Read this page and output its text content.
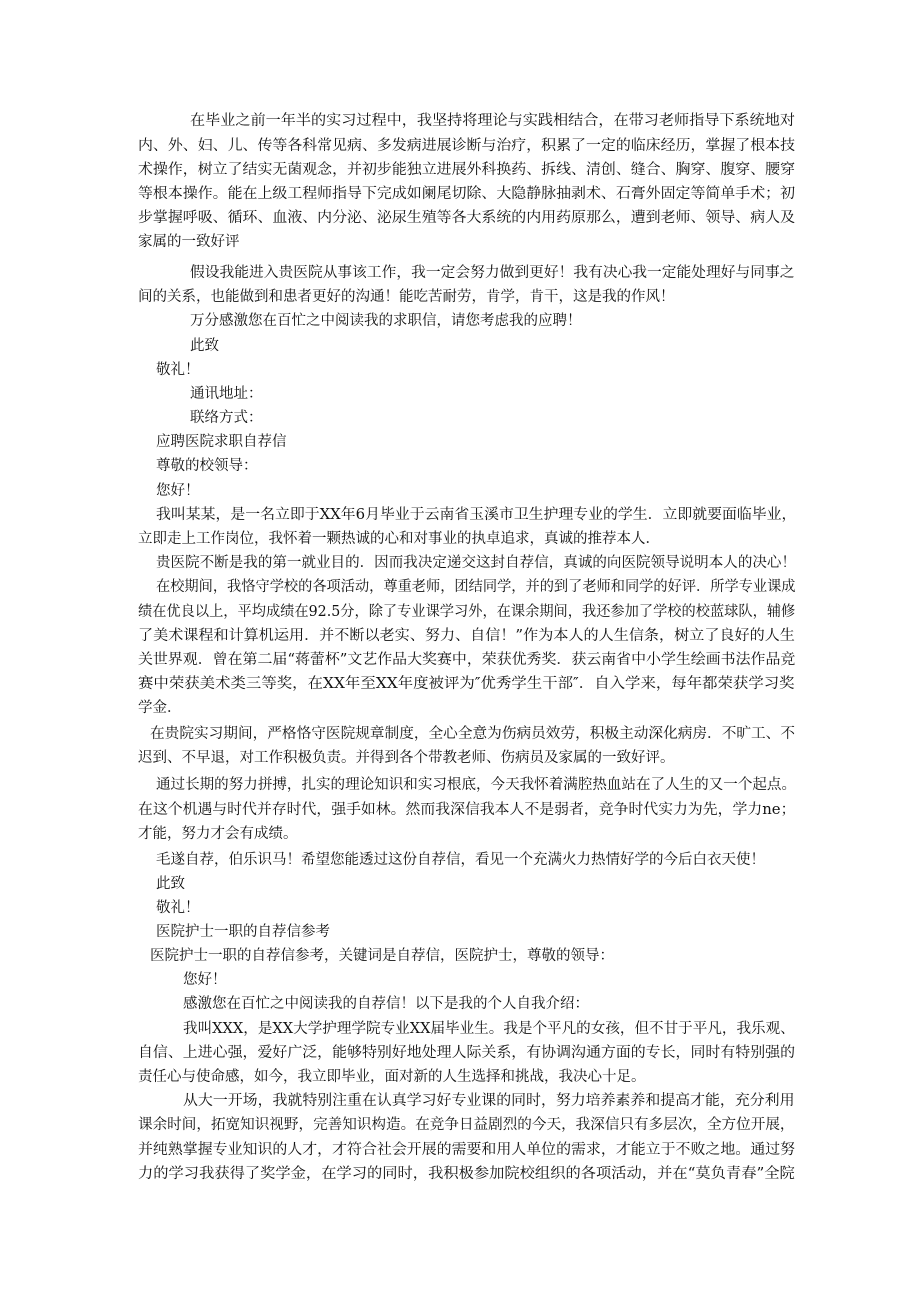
在毕业之前一年半的实习过程中，我坚持将理论与实践相结合，在带习老师指导下系统地对
内、外、妇、儿、传等各科常见病、多发病进展诊断与治疗，积累了一定的临床经历，掌握了根本技
术操作，树立了结实无菌观念，并初步能独立进展外科换药、拆线、清创、缝合、胸穿、腹穿、腰穿
等根本操作。能在上级工程师指导下完成如阑尾切除、大隐静脉抽剥术、石膏外固定等简单手术；初
步掌握呼吸、循环、血液、内分泌、泌尿生殖等各大系统的内用药原那么，遭到老师、领导、病人及
家属的一致好评
假设我能进入贵医院从事该工作，我一定会努力做到更好！我有决心我一定能处理好与同事之
间的关系，也能做到和患者更好的沟通！能吃苦耐劳，肯学，肯干，这是我的作风！
万分感激您在百忙之中阅读我的求职信，请您考虑我的应聘！
此致
敬礼！
通讯地址：
联络方式：
应聘医院求职自荐信
尊敬的校领导：
您好！
我叫某某，是一名立即于XX年6月毕业于云南省玉溪市卫生护理专业的学生．立即就要面临毕业，
立即走上工作岗位，我怀着一颗热诚的心和对事业的执卓追求，真诚的推荐本人．
贵医院不断是我的第一就业目的．因而我决定递交这封自荐信，真诚的向医院领导说明本人的决心！
在校期间，我恪守学校的各项活动，尊重老师，团结同学，并的到了老师和同学的好评．所学专业课成
绩在优良以上，平均成绩在92.5分，除了专业课学习外，在课余期间，我还参加了学校的校蓝球队，辅修
了美术课程和计算机运用．并不断以老实、努力、自信！”作为本人的人生信条，树立了良好的人生
关世界观．曾在第二届“蒋蕾杯”文艺作品大奖赛中，荣获优秀奖．获云南省中小学生绘画书法作品竞
赛中荣获美术类三等奖，在XX年至XX年度被评为″优秀学生干部″．自入学来，每年都荣获学习奖
学金．
在贵院实习期间，严格恪守医院规章制度，全心全意为伤病员效劳，积极主动深化病房．不旷工、不
迟到、不早退，对工作积极负责。并得到各个带教老师、伤病员及家属的一致好评。
通过长期的努力拼搏，扎实的理论知识和实习根底，今天我怀着满腔热血站在了人生的又一个起点。
在这个机遇与时代并存时代，强手如林。然而我深信我本人不是弱者，竞争时代实力为先，学力ne；
才能，努力才会有成绩。
毛遂自荐，伯乐识马！希望您能透过这份自荐信，看见一个充满火力热情好学的今后白衣天使！
此致
敬礼！
医院护士一职的自荐信参考
医院护士一职的自荐信参考，关键词是自荐信，医院护士，尊敬的领导：
您好！
感激您在百忙之中阅读我的自荐信！以下是我的个人自我介绍：
我叫XXX，是XX大学护理学院专业XX届毕业生。我是个平凡的女孩，但不甘于平凡，我乐观、
自信、上进心强，爱好广泛，能够特别好地处理人际关系，有协调沟通方面的专长，同时有特别强的
责任心与使命感，如今，我立即毕业，面对新的人生选择和挑战，我决心十足。
从大一开场，我就特别注重在认真学习好专业课的同时，努力培养素养和提高才能，充分利用
课余时间，拓宽知识视野，完善知识构造。在竞争日益剧烈的今天，我深信只有多层次，全方位开展，
并纯熟掌握专业知识的人才，才符合社会开展的需要和用人单位的需求，才能立于不败之地。通过努
力的学习我获得了奖学金，在学习的同时，我积极参加院校组织的各项活动，并在“莫负青春”全院
